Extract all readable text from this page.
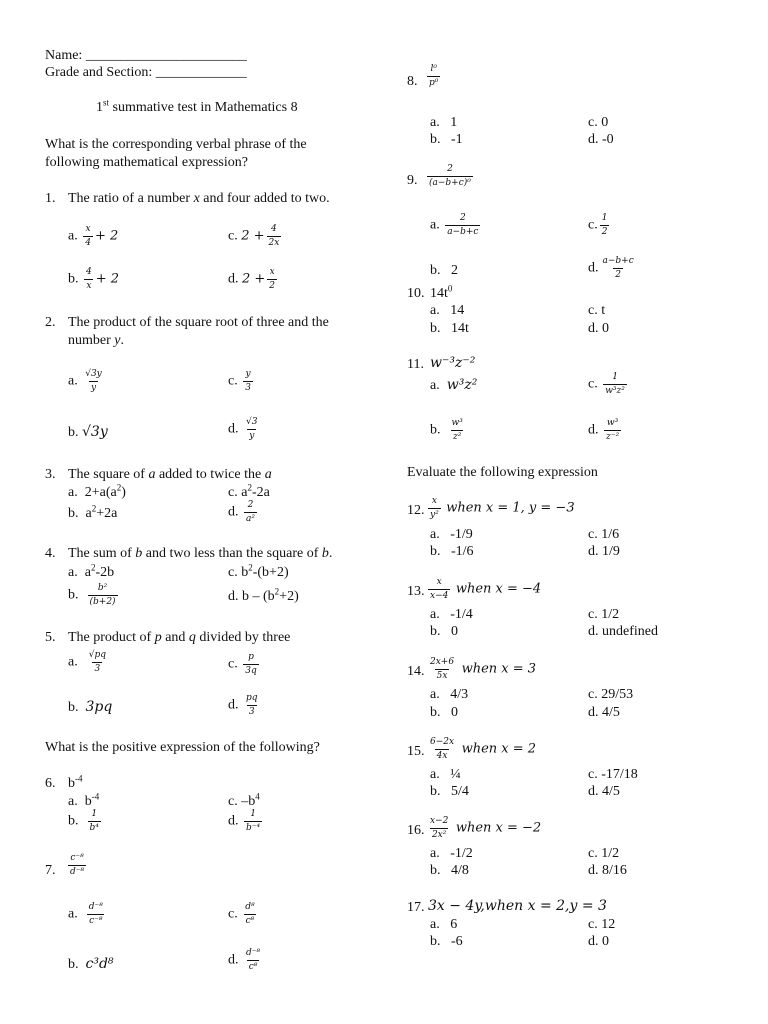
Name: _______________________
Grade and Section: _____________
1st summative test in Mathematics 8
What is the corresponding verbal phrase of the
following mathematical expression?
1. The ratio of a number x and four added to two.
a. $\frac{x}{4} + 2$	c. $2 + \frac{4}{2x}$
b. $\frac{4}{x} + 2$	d. $2 + \frac{x}{2}$
2. The product of the square root of three and the
number y.
a. $\frac{√3y}{y}$	c. $\frac{y}{3}$
b. √3y	d. $\frac{√3}{y}$
3. The square of a added to twice the a
a. $2+a(a^2)$	c. $a^2-2a$
b. $a^2+2a$	d. $\frac{2}{\text{a²}}$
4. The sum of b and two less than the square of b.
a. $a^2-2b$	c. $b^2-(b+2)$
b. $\frac{\text{b²}}{(b+2)}$	d. $b - (b^2+2)$
5. The product of p and q divided by three
a. $\frac{√pq}{3}$	c. $\frac{p}{3q}$
b. 3pq	d. $\frac{pq}{3}$
What is the positive expression of the following?
6. $b^{-4}$
a. $b^{-4}$	c. $-b^4$
b. $\frac{1}{\text{b⁴}}$	d. $\frac{1}{\text{b⁻⁴}}$
7. $\frac{\text{c⁻⁸}}{\text{d⁻⁸}}$
a. $\frac{\text{d⁻⁸}}{\text{c⁻⁸}}$	c. $\frac{\text{d⁸}}{\text{c⁸}}$
b. c³d⁸	d. $\frac{\text{d⁻⁸}}{\text{c⁸}}$
8. $\frac{\text{l⁰}}{\text{p⁰}}$
a. 1	c. 0
b. -1	d. -0
9. $\frac{2}{\text{(a−b+c)⁰}}$
a. $\frac{2}{a-b+c}$	c. $\frac{1}{2}$
b. 2	d. $\frac{a-b+c}{2}$
10. $14t^0$
a. 14	c. t
b. 14t	d. 0
11. w⁻³z⁻²
a. w³z²	c. $\frac{1}{\text{w³z²}}$
b. $\frac{\text{w³}}{\text{z²}}$	d. $\frac{\text{w³}}{\text{z⁻²}}$
Evaluate the following expression
12. $\frac{x}{\text{y²}}$ when x = 1, y = −3
a. -1/9	c. 1/6
b. -1/6	d. 1/9
13. $\frac{x}{x-4}$ when x = −4
a. -1/4	c. 1/2
b. 0	d. undefined
14. $\frac{2x+6}{5x}$ when x = 3
a. 4/3	c. 29/53
b. 0	d. 4/5
15. $\frac{6-2x}{4x}$ when x = 2
a. ¼	c. -17/18
b. 5/4	d. 4/5
16. $\frac{x-2}{\text{2x²}}$ when x = −2
a. -1/2	c. 1/2
b. 4/8	d. 8/16
17. 3x − 4y,when x = 2,y = 3
a. 6	c. 12
b. -6	d. 0
